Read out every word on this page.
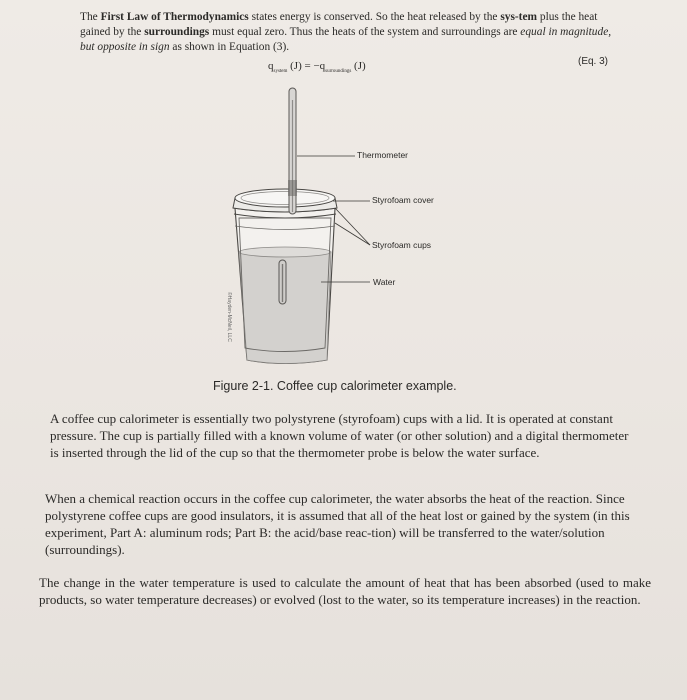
The First Law of Thermodynamics states energy is conserved. So the heat released by the sys-tem plus the heat gained by the surroundings must equal zero. Thus the heats of the system and surroundings are equal in magnitude, but opposite in sign as shown in Equation (3).

$q_{system}$ $(J) = -q_{surroundings}$ (J)	(Eq. 3)
Thermometer
Styrofoam cover
Styrofoam cups
Water
©Hayden-McNeil, LLC
Figure 2-1. Coffee cup calorimeter example.

A coffee cup calorimeter is essentially two polystyrene (styrofoam) cups with a lid. It is operated at constant pressure. The cup is partially filled with a known volume of water (or other solution) and a digital thermometer is inserted through the lid of the cup so that the thermometer probe is below the water surface.

When a chemical reaction occurs in the coffee cup calorimeter, the water absorbs the heat of the reaction. Since polystyrene coffee cups are good insulators, it is assumed that all of the heat lost or gained by the system (in this experiment, Part A: aluminum rods; Part B: the acid/base reac-tion) will be transferred to the water/solution (surroundings).

The change in the water temperature is used to calculate the amount of heat that has been absorbed (used to make products, so water temperature decreases) or evolved (lost to the water, so its temperature increases) in the reaction.
